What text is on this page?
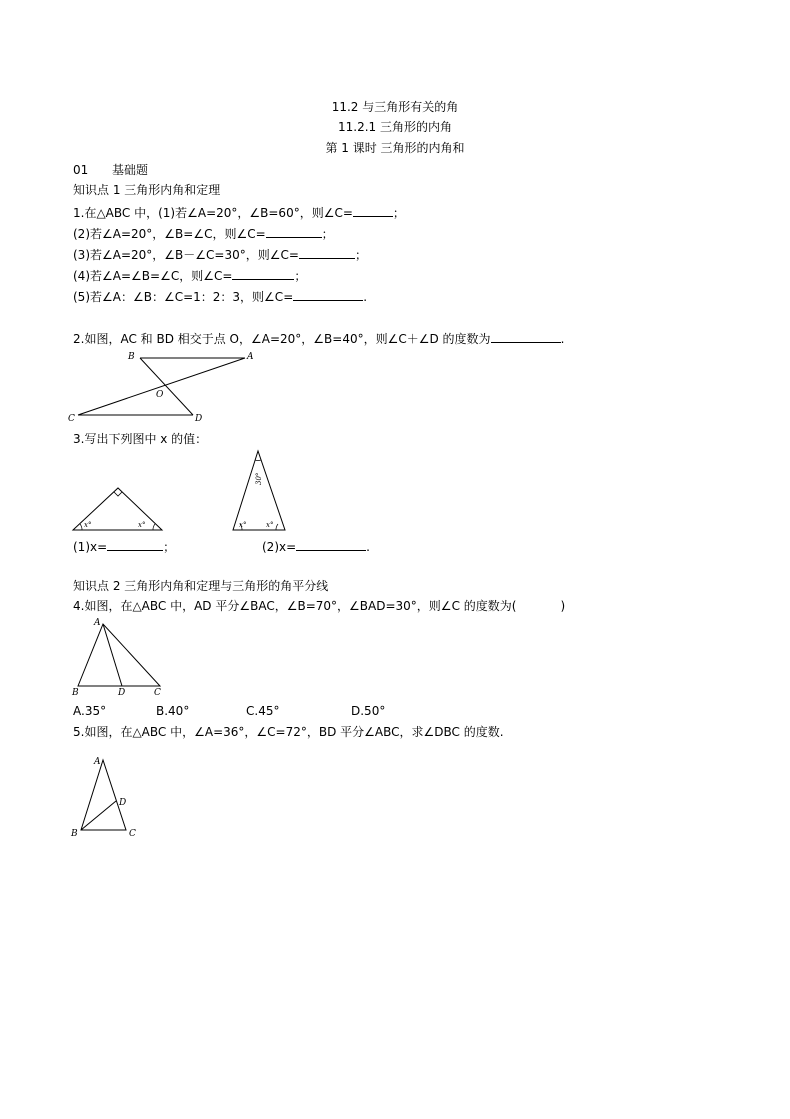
11.2 与三角形有关的角
11.2.1 三角形的内角
第 1 课时 三角形的内角和
01 基础题
知识点 1 三角形内角和定理
1.在△ABC 中，(1)若∠A=20°，∠B=60°，则∠C=	；
(2)若∠A=20°，∠B=∠C，则∠C=	；
(3)若∠A=20°，∠B－∠C=30°，则∠C=	；
(4)若∠A=∠B=∠C，则∠C=	；
(5)若∠A：∠B：∠C=1：2：3，则∠C=	.
2.如图，AC 和 BD 相交于点 O，∠A=20°，∠B=40°，则∠C＋∠D 的度数为	.
B	A
O
C	D
3.写出下列图中 x 的值：
x°	x°
30°
x°	x°
(1)x=	；	(2)x=	.
知识点 2 三角形内角和定理与三角形的角平分线
4.如图，在△ABC 中，AD 平分∠BAC，∠B=70°，∠BAD=30°，则∠C 的度数为(	)
A
B	D	C
A.35°	B.40°	C.45°	D.50°
5.如图，在△ABC 中，∠A=36°，∠C=72°，BD 平分∠ABC，求∠DBC 的度数.
A
D
B	C
